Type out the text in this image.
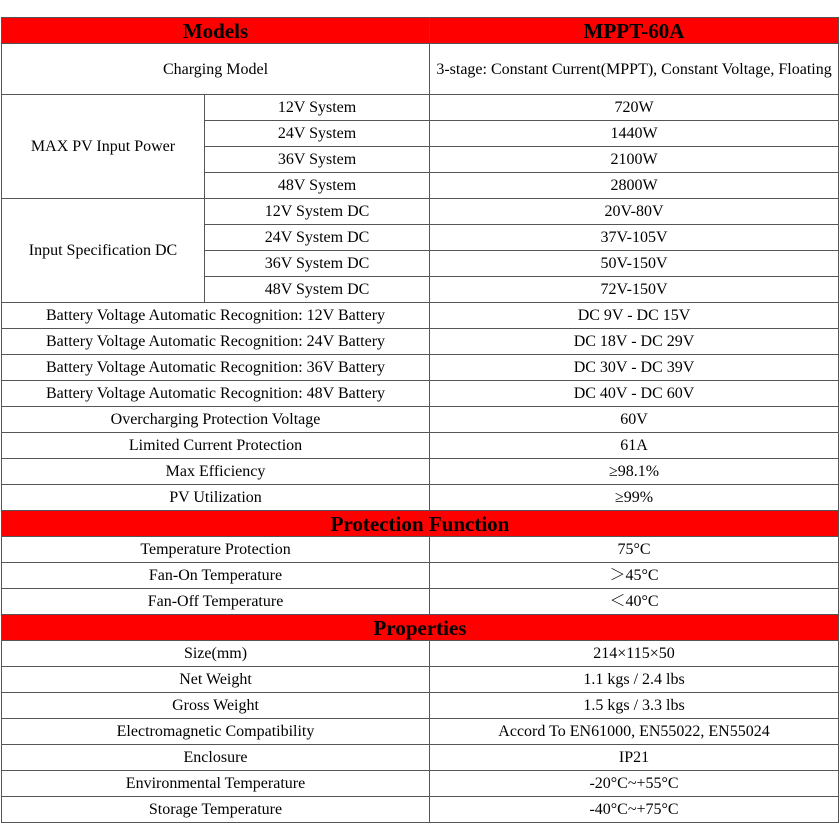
Models		MPPT-60A
Charging Model		3-stage: Constant Current(MPPT), Constant Voltage, Floating
MAX PV Input Power	12V System	720W
	24V System	1440W
	36V System	2100W
	48V System	2800W
Input Specification DC	12V System DC	20V-80V
	24V System DC	37V-105V
	36V System DC	50V-150V
	48V System DC	72V-150V
Battery Voltage Automatic Recognition: 12V Battery		DC 9V - DC 15V
Battery Voltage Automatic Recognition: 24V Battery		DC 18V - DC 29V
Battery Voltage Automatic Recognition: 36V Battery		DC 30V - DC 39V
Battery Voltage Automatic Recognition: 48V Battery		DC 40V - DC 60V
Overcharging Protection Voltage		60V
Limited Current Protection		61A
Max Efficiency		≥98.1%
PV Utilization		≥99%
Protection Function		
Temperature Protection		75°C
Fan-On Temperature		＞45°C
Fan-Off Temperature		＜40°C
Properties		
Size(mm)		214×115×50
Net Weight		1.1 kgs / 2.4 lbs
Gross Weight		1.5 kgs / 3.3 lbs
Electromagnetic Compatibility		Accord To EN61000, EN55022, EN55024
Enclosure		IP21
Environmental Temperature		-20°C~+55°C
Storage Temperature		-40°C~+75°C
